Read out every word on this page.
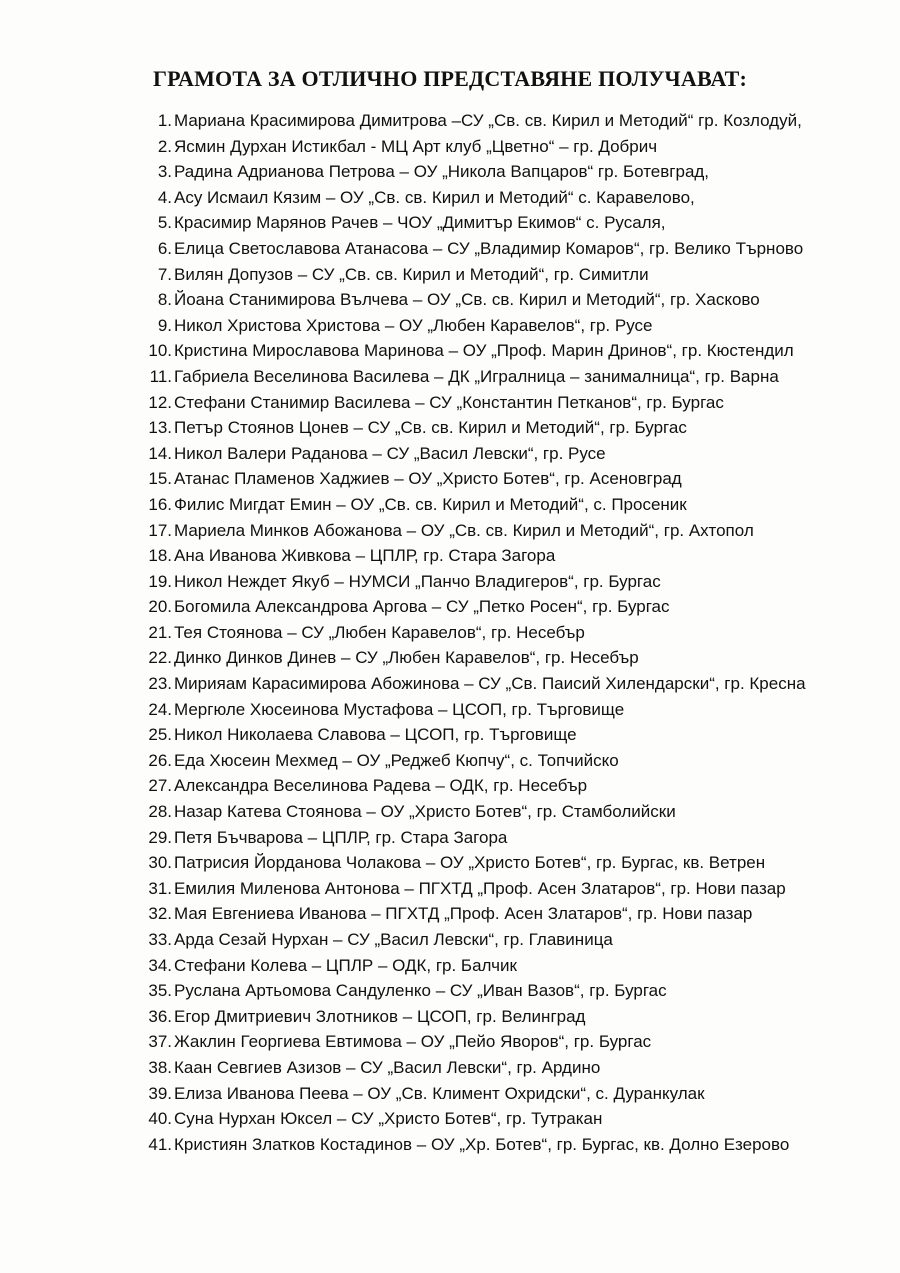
ГРАМОТА ЗА ОТЛИЧНО ПРЕДСТАВЯНЕ ПОЛУЧАВАТ:
1. Мариана Красимирова Димитрова –СУ „Св. св. Кирил и Методий“ гр. Козлодуй,
2. Ясмин Дурхан Истикбал - МЦ Арт клуб „Цветно“ – гр. Добрич
3. Радина Адрианова Петрова – ОУ „Никола Вапцаров“ гр. Ботевград,
4. Асу Исмаил Кязим – ОУ „Св. св. Кирил и Методий“ с. Каравелово,
5. Красимир Марянов Рачев – ЧОУ „Димитър Екимов“ с. Русаля,
6. Елица Светославова Атанасова – СУ „Владимир Комаров“, гр. Велико Търново
7. Вилян Допузов – СУ „Св. св. Кирил и Методий“, гр. Симитли
8. Йоана Станимирова Вълчева – ОУ „Св. св. Кирил и Методий“, гр. Хасково
9. Никол Христова Христова – ОУ „Любен Каравелов“, гр. Русе
10. Кристина Мирославова Маринова – ОУ „Проф. Марин Дринов“, гр. Кюстендил
11. Габриела Веселинова Василева – ДК „Игралница – занималница“, гр. Варна
12. Стефани Станимир Василева – СУ „Константин Петканов“, гр. Бургас
13. Петър Стоянов Цонев – СУ „Св. св. Кирил и Методий“, гр. Бургас
14. Никол Валери Раданова – СУ „Васил Левски“, гр. Русе
15. Атанас Пламенов Хаджиев – ОУ „Христо Ботев“, гр. Асеновград
16. Филис Мигдат Емин – ОУ „Св. св. Кирил и Методий“, с. Просеник
17. Мариела Минков Абожанова – ОУ „Св. св. Кирил и Методий“, гр. Ахтопол
18. Ана Иванова Живкова – ЦПЛР, гр. Стара Загора
19. Никол Неждет Якуб – НУМСИ „Панчо Владигеров“, гр. Бургас
20. Богомила Александрова Аргова – СУ „Петко Росен“, гр. Бургас
21. Тея Стоянова – СУ „Любен Каравелов“, гр. Несебър
22. Динко Динков Динев – СУ „Любен Каравелов“, гр. Несебър
23. Мирияам Карасимирова Абожинова – СУ „Св. Паисий Хилендарски“, гр. Кресна
24. Мергюле Хюсеинова Мустафова – ЦСОП, гр. Търговище
25. Никол Николаева Славова – ЦСОП, гр. Търговище
26. Еда Хюсеин Мехмед – ОУ „Реджеб Кюпчу“, с. Топчийско
27. Александра Веселинова Радева – ОДК, гр. Несебър
28. Назар Катева Стоянова – ОУ „Христо Ботев“, гр. Стамболийски
29. Петя Бъчварова – ЦПЛР, гр. Стара Загора
30. Патрисия Йорданова Чолакова – ОУ „Христо Ботев“, гр. Бургас, кв. Ветрен
31. Емилия Миленова Антонова – ПГХТД „Проф. Асен Златаров“, гр. Нови пазар
32. Мая Евгениева Иванова – ПГХТД „Проф. Асен Златаров“, гр. Нови пазар
33. Арда Сезай Нурхан – СУ „Васил Левски“, гр. Главиница
34. Стефани Колева – ЦПЛР – ОДК, гр. Балчик
35. Руслана Артьомова Сандуленко – СУ „Иван Вазов“, гр. Бургас
36. Егор Дмитриевич Злотников – ЦСОП, гр. Велинград
37. Жаклин Георгиева Евтимова – ОУ „Пейо Яворов“, гр. Бургас
38. Каан Севгиев Азизов – СУ „Васил Левски“, гр. Ардино
39. Елиза Иванова Пеева – ОУ „Св. Климент Охридски“, с. Дуранкулак
40. Суна Нурхан Юксел – СУ „Христо Ботев“, гр. Тутракан
41. Кристиян Златков Костадинов – ОУ „Хр. Ботев“, гр. Бургас, кв. Долно Езерово
